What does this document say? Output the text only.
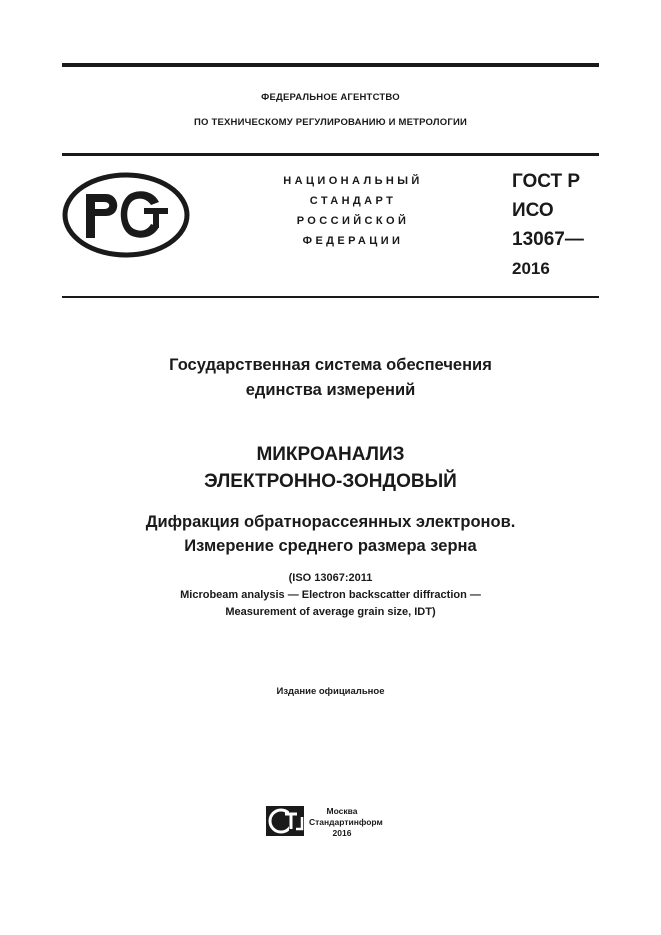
ФЕДЕРАЛЬНОЕ АГЕНТСТВО
ПО ТЕХНИЧЕСКОМУ РЕГУЛИРОВАНИЮ И МЕТРОЛОГИИ
НАЦИОНАЛЬНЫЙ
СТАНДАРТ
РОССИЙСКОЙ
ФЕДЕРАЦИИ
ГОСТ Р
ИСО
13067—
2016
Государственная система обеспечения
единства измерений
МИКРОАНАЛИЗ
ЭЛЕКТРОННО-ЗОНДОВЫЙ
Дифракция обратнорассеянных электронов.
Измерение среднего размера зерна
(ISO 13067:2011
Microbeam analysis — Electron backscatter diffraction —
Measurement of average grain size, IDT)
Издание официальное
Москва
Стандартинформ
2016
